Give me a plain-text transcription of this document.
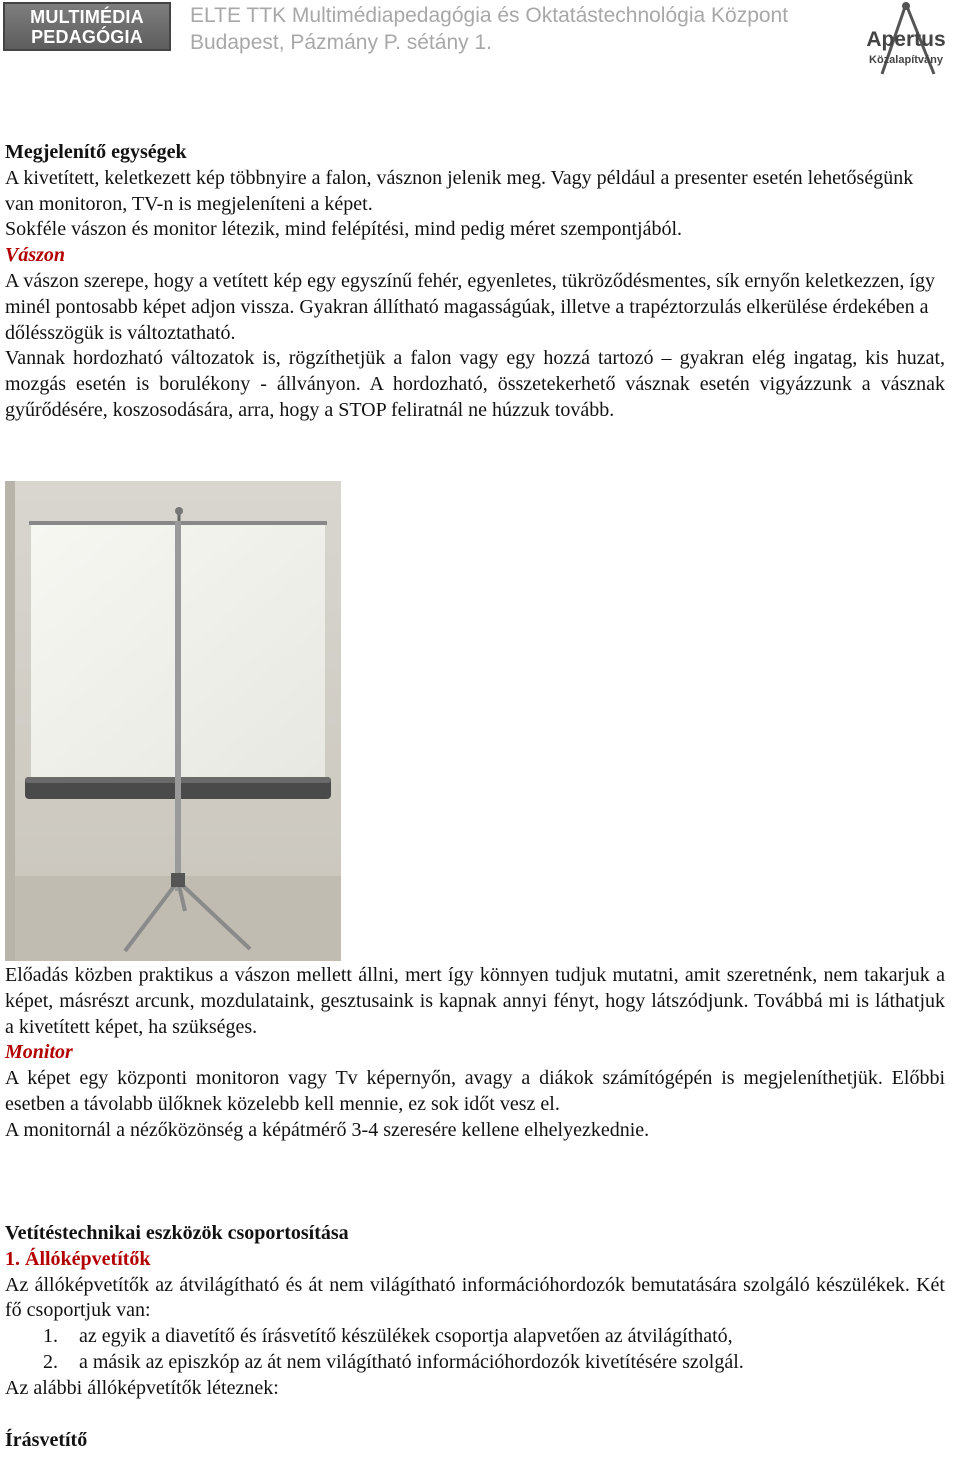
MULTIMÉDIA
PEDAGÓGIA
ELTE TTK Multimédiapedagógia és Oktatástechnológia Központ
Budapest, Pázmány P. sétány 1.	Apertus
Közalapítvány

Megjelenítő egységek

A kivetített, keletkezett kép többnyire a falon, vásznon jelenik meg. Vagy például a presenter esetén lehetőségünk van monitoron, TV-n is megjeleníteni a képet.

Sokféle vászon és monitor létezik, mind felépítési, mind pedig méret szempontjából.

Vászon

A vászon szerepe, hogy a vetített kép egy egyszínű fehér, egyenletes, tükröződésmentes, sík ernyőn keletkezzen, így minél pontosabb képet adjon vissza. Gyakran állítható magasságúak, illetve a trapéztorzulás elkerülése érdekében a dőlésszögük is változtatható.

Vannak hordozható változatok is, rögzíthetjük a falon vagy egy hozzá tartozó – gyakran elég ingatag, kis huzat, mozgás esetén is borulékony - állványon. A hordozható, összetekerhető vásznak esetén vigyázzunk a vásznak gyűrődésére, koszosodására, arra, hogy a STOP feliratnál ne húzzuk tovább.

Előadás közben praktikus a vászon mellett állni, mert így könnyen tudjuk mutatni, amit szeretnénk, nem takarjuk a képet, másrészt arcunk, mozdulataink, gesztusaink is kapnak annyi fényt, hogy látszódjunk. Továbbá mi is láthatjuk a kivetített képet, ha szükséges.

Monitor

A képet egy központi monitoron vagy Tv képernyőn, avagy a diákok számítógépén is megjeleníthetjük. Előbbi esetben a távolabb ülőknek közelebb kell mennie, ez sok időt vesz el.

A monitornál a nézőközönség a képátmérő 3-4 szeresére kellene elhelyezkednie.

Vetítéstechnikai eszközök csoportosítása

1. Állóképvetítők

Az állóképvetítők az átvilágítható és át nem világítható információhordozók bemutatására szolgáló készülékek. Két fő csoportjuk van:

1. az egyik a diavetítő és írásvetítő készülékek csoportja alapvetően az átvilágítható,
2. a másik az episzkóp az át nem világítható információhordozók kivetítésére szolgál.

Az alábbi állóképvetítők léteznek:

Írásvetítő
